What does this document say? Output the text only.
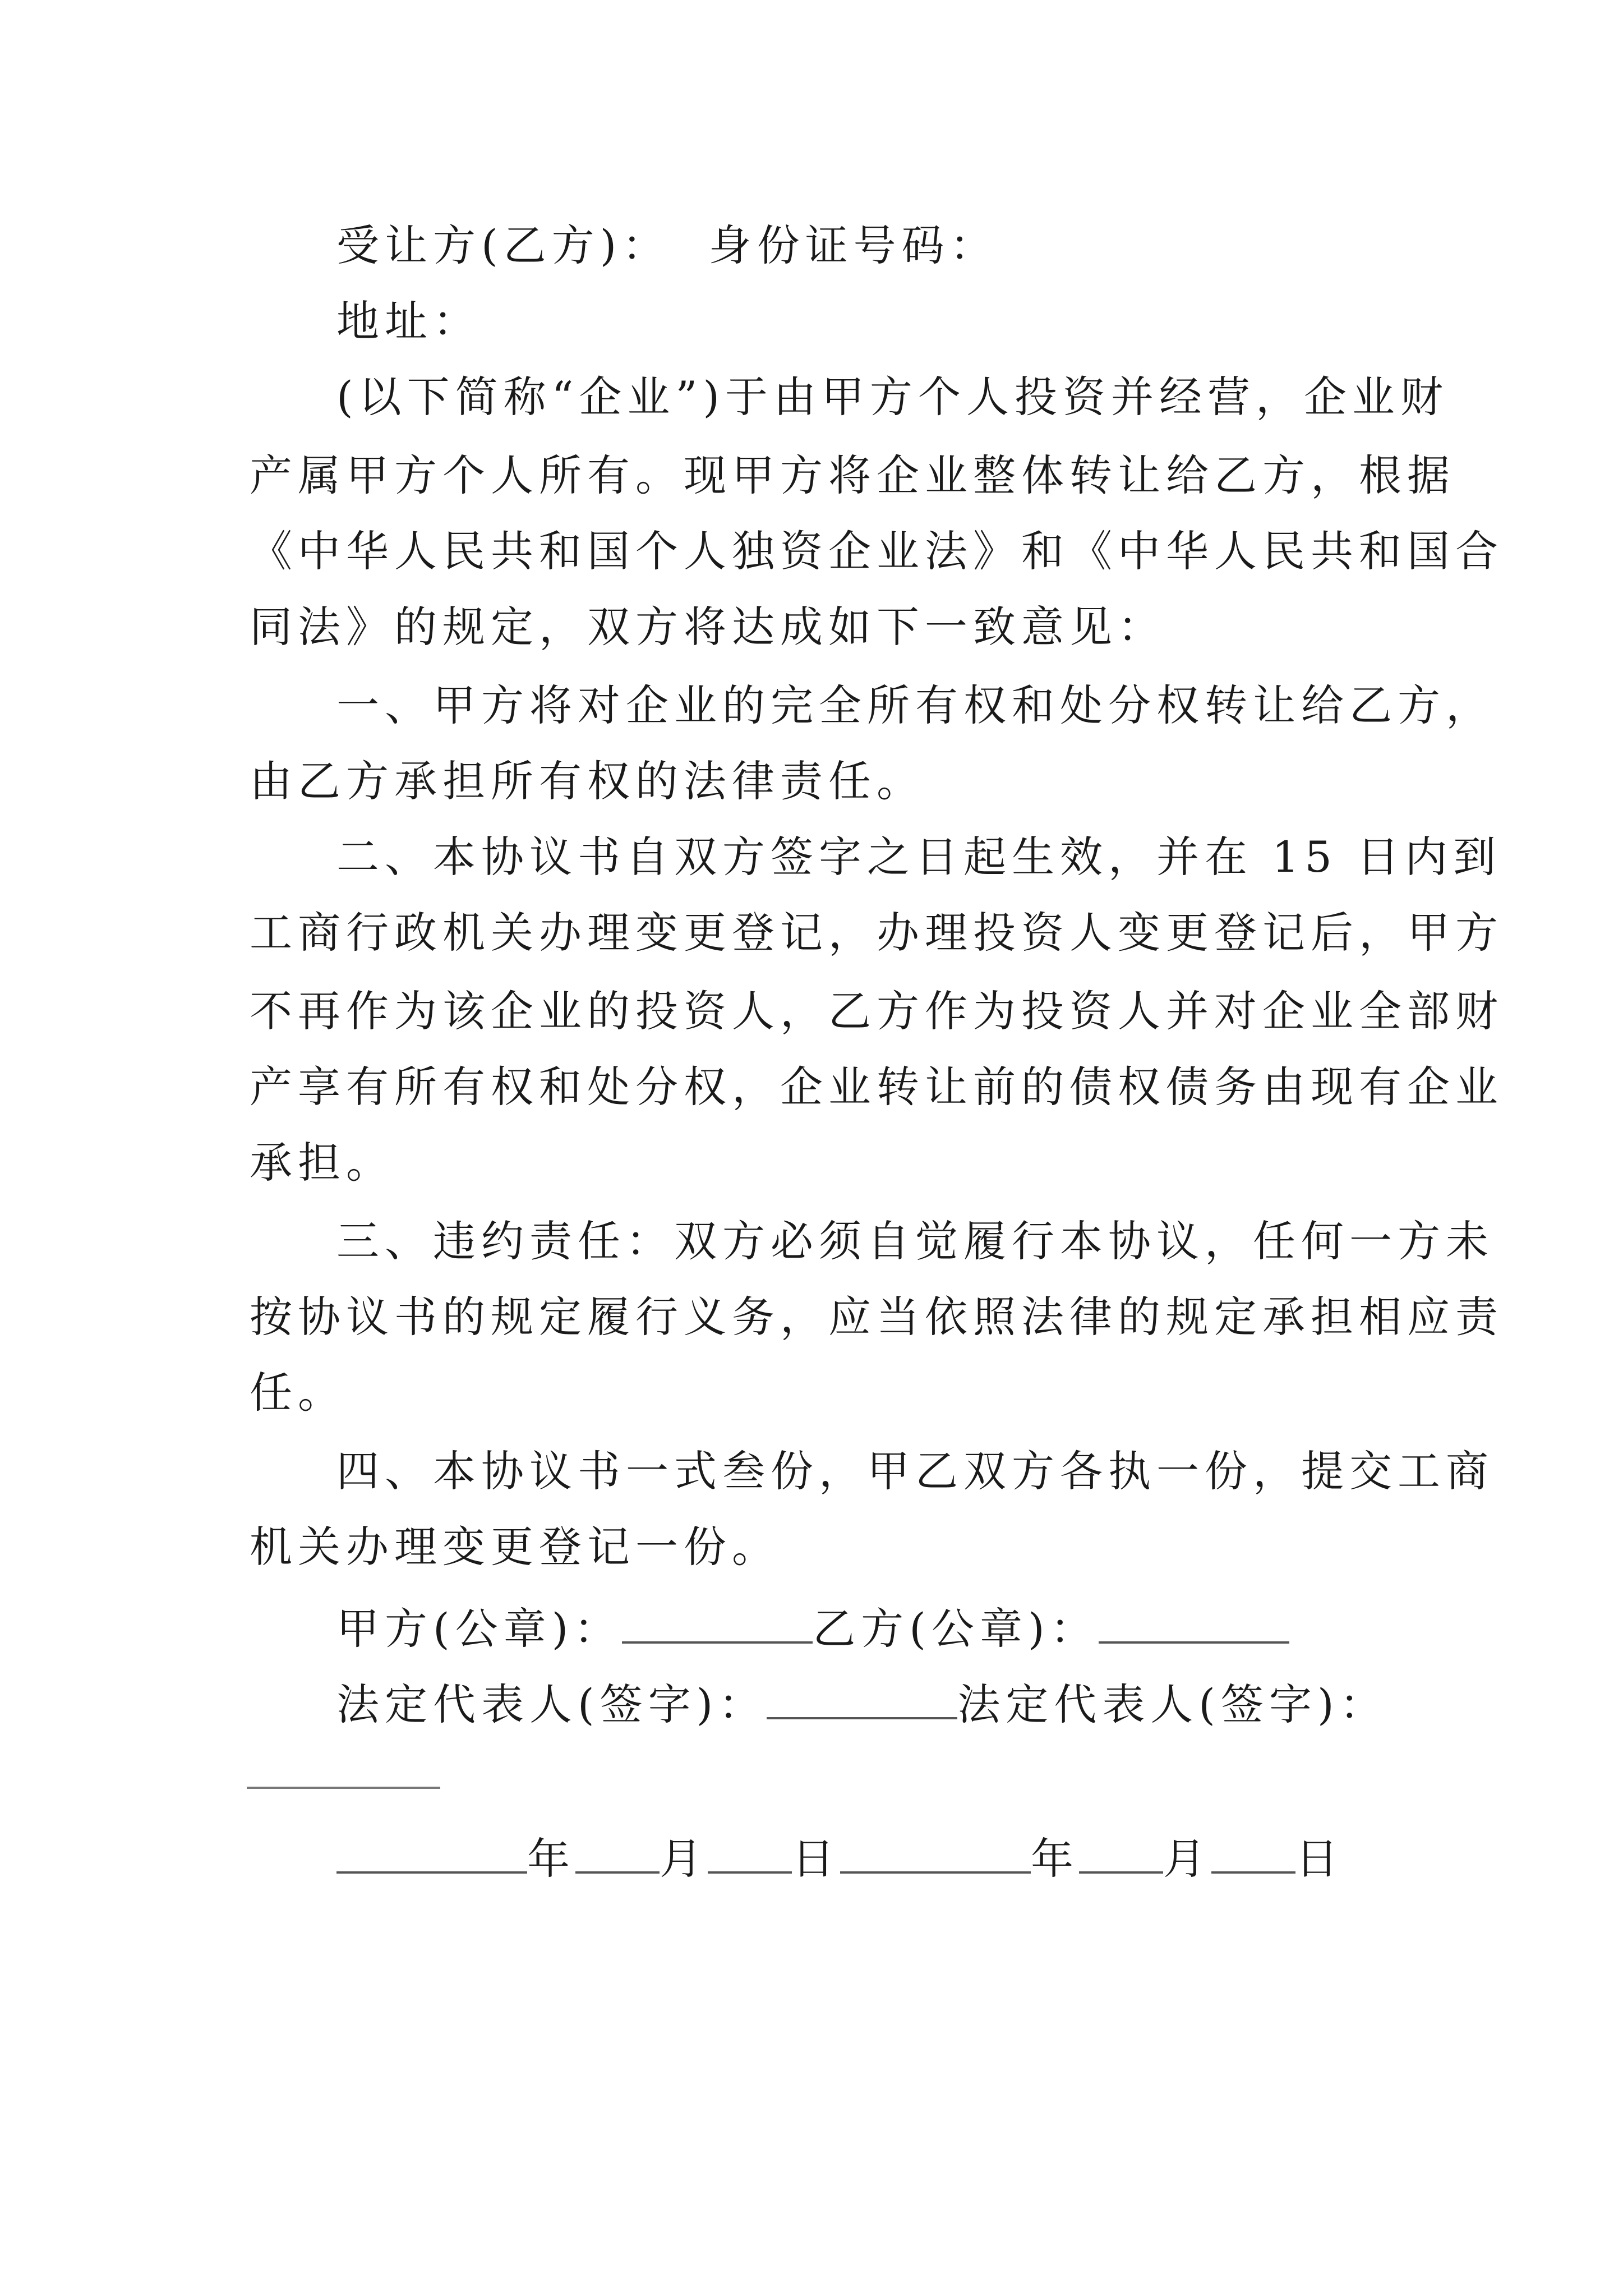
受让方(乙方)： 身份证号码：
地址：
(以下简称“企业”)于由甲方个人投资并经营，企业财
产属甲方个人所有。现甲方将企业整体转让给乙方，根据
《中华人民共和国个人独资企业法》和《中华人民共和国合
同法》的规定，双方将达成如下一致意见：
一、甲方将对企业的完全所有权和处分权转让给乙方，
由乙方承担所有权的法律责任。
二、本协议书自双方签字之日起生效，并在 15 日内到
工商行政机关办理变更登记，办理投资人变更登记后，甲方
不再作为该企业的投资人，乙方作为投资人并对企业全部财
产享有所有权和处分权，企业转让前的债权债务由现有企业
承担。
三、违约责任：双方必须自觉履行本协议，任何一方未
按协议书的规定履行义务，应当依照法律的规定承担相应责
任。
四、本协议书一式叁份，甲乙双方各执一份，提交工商
机关办理变更登记一份。
甲方(公章)：	乙方(公章)：
法定代表人(签字)：	法定代表人(签字)：
年 月 日	年 月 日
